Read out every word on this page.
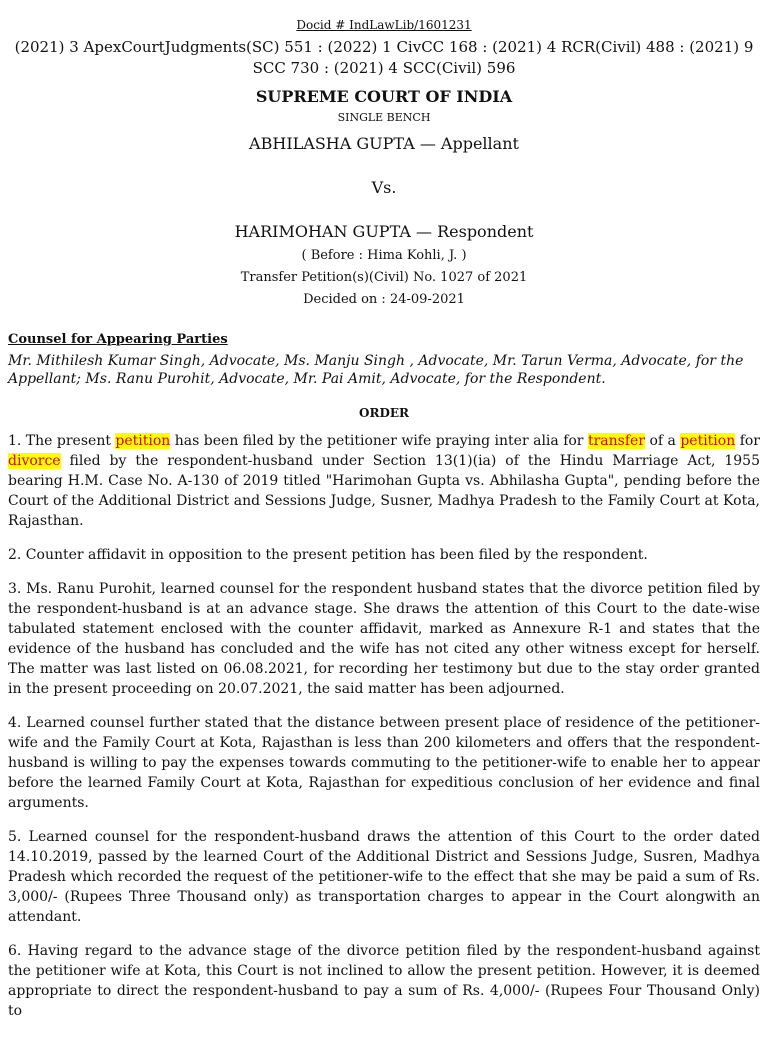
Docid # IndLawLib/1601231
(2021) 3 ApexCourtJudgments(SC) 551 : (2022) 1 CivCC 168 : (2021) 4 RCR(Civil) 488 : (2021) 9 SCC 730 : (2021) 4 SCC(Civil) 596
SUPREME COURT OF INDIA
SINGLE BENCH
ABHILASHA GUPTA — Appellant
Vs.
HARIMOHAN GUPTA — Respondent
( Before : Hima Kohli, J. )
Transfer Petition(s)(Civil) No. 1027 of 2021
Decided on : 24-09-2021
Counsel for Appearing Parties
Mr. Mithilesh Kumar Singh, Advocate, Ms. Manju Singh , Advocate, Mr. Tarun Verma, Advocate, for the Appellant; Ms. Ranu Purohit, Advocate, Mr. Pai Amit, Advocate, for the Respondent.
ORDER

1. The present petition has been filed by the petitioner wife praying inter alia for transfer of a petition for divorce filed by the respondent-husband under Section 13(1)(ia) of the Hindu Marriage Act, 1955 bearing H.M. Case No. A-130 of 2019 titled "Harimohan Gupta vs. Abhilasha Gupta", pending before the Court of the Additional District and Sessions Judge, Susner, Madhya Pradesh to the Family Court at Kota, Rajasthan.

2. Counter affidavit in opposition to the present petition has been filed by the respondent.

3. Ms. Ranu Purohit, learned counsel for the respondent husband states that the divorce petition filed by the respondent-husband is at an advance stage. She draws the attention of this Court to the date-wise tabulated statement enclosed with the counter affidavit, marked as Annexure R-1 and states that the evidence of the husband has concluded and the wife has not cited any other witness except for herself. The matter was last listed on 06.08.2021, for recording her testimony but due to the stay order granted in the present proceeding on 20.07.2021, the said matter has been adjourned.

4. Learned counsel further stated that the distance between present place of residence of the petitioner-wife and the Family Court at Kota, Rajasthan is less than 200 kilometers and offers that the respondent-husband is willing to pay the expenses towards commuting to the petitioner-wife to enable her to appear before the learned Family Court at Kota, Rajasthan for expeditious conclusion of her evidence and final arguments.

5. Learned counsel for the respondent-husband draws the attention of this Court to the order dated 14.10.2019, passed by the learned Court of the Additional District and Sessions Judge, Susren, Madhya Pradesh which recorded the request of the petitioner-wife to the effect that she may be paid a sum of Rs. 3,000/- (Rupees Three Thousand only) as transportation charges to appear in the Court alongwith an attendant.

6. Having regard to the advance stage of the divorce petition filed by the respondent-husband against the petitioner wife at Kota, this Court is not inclined to allow the present petition. However, it is deemed appropriate to direct the respondent-husband to pay a sum of Rs. 4,000/- (Rupees Four Thousand Only) to
